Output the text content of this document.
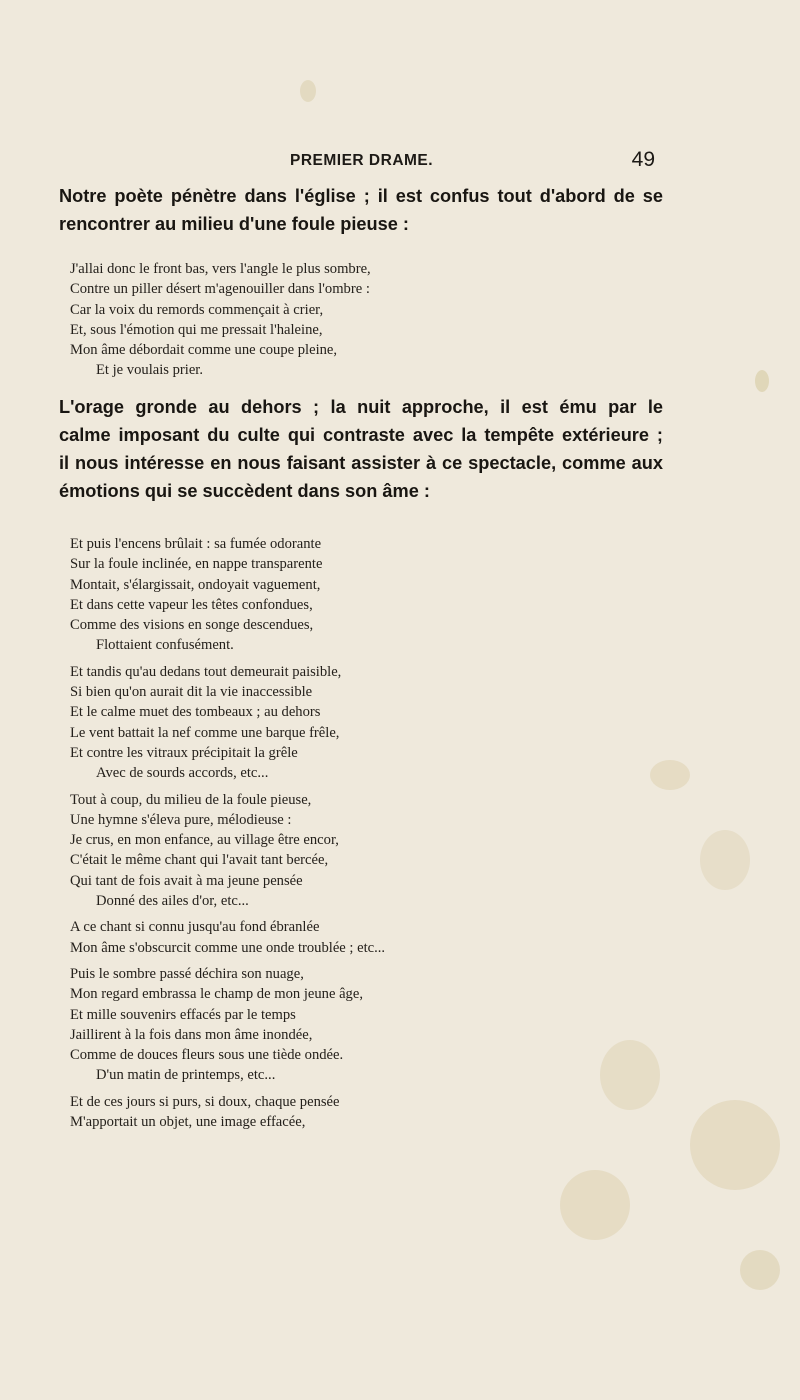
PREMIER DRAME.	49
Notre poète pénètre dans l'église ; il est confus tout d'abord de se
rencontrer au milieu d'une foule pieuse :
J'allai donc le front bas, vers l'angle le plus sombre,
Contre un piller désert m'agenouiller dans l'ombre :
Car la voix du remords commençait à crier,
Et, sous l'émotion qui me pressait l'haleine,
Mon âme débordait comme une coupe pleine,
Et je voulais prier.
L'orage gronde au dehors ; la nuit approche, il est ému par le
calme imposant du culte qui contraste avec la tempête extérieure ;
il nous intéresse en nous faisant assister à ce spectacle, comme aux
émotions qui se succèdent dans son âme :
Et puis l'encens brûlait : sa fumée odorante
Sur la foule inclinée, en nappe transparente
Montait, s'élargissait, ondoyait vaguement,
Et dans cette vapeur les têtes confondues,
Comme des visions en songe descendues,
Flottaient confusément.
Et tandis qu'au dedans tout demeurait paisible,
Si bien qu'on aurait dit la vie inaccessible
Et le calme muet des tombeaux ; au dehors
Le vent battait la nef comme une barque frêle,
Et contre les vitraux précipitait la grêle
Avec de sourds accords, etc...
Tout à coup, du milieu de la foule pieuse,
Une hymne s'éleva pure, mélodieuse :
Je crus, en mon enfance, au village être encor,
C'était le même chant qui l'avait tant bercée,
Qui tant de fois avait à ma jeune pensée
Donné des ailes d'or, etc...
A ce chant si connu jusqu'au fond ébranlée
Mon âme s'obscurcit comme une onde troublée ; etc...
Puis le sombre passé déchira son nuage,
Mon regard embrassa le champ de mon jeune âge,
Et mille souvenirs effacés par le temps
Jaillirent à la fois dans mon âme inondée,
Comme de douces fleurs sous une tiède ondée.
D'un matin de printemps, etc...
Et de ces jours si purs, si doux, chaque pensée
M'apportait un objet, une image effacée,
